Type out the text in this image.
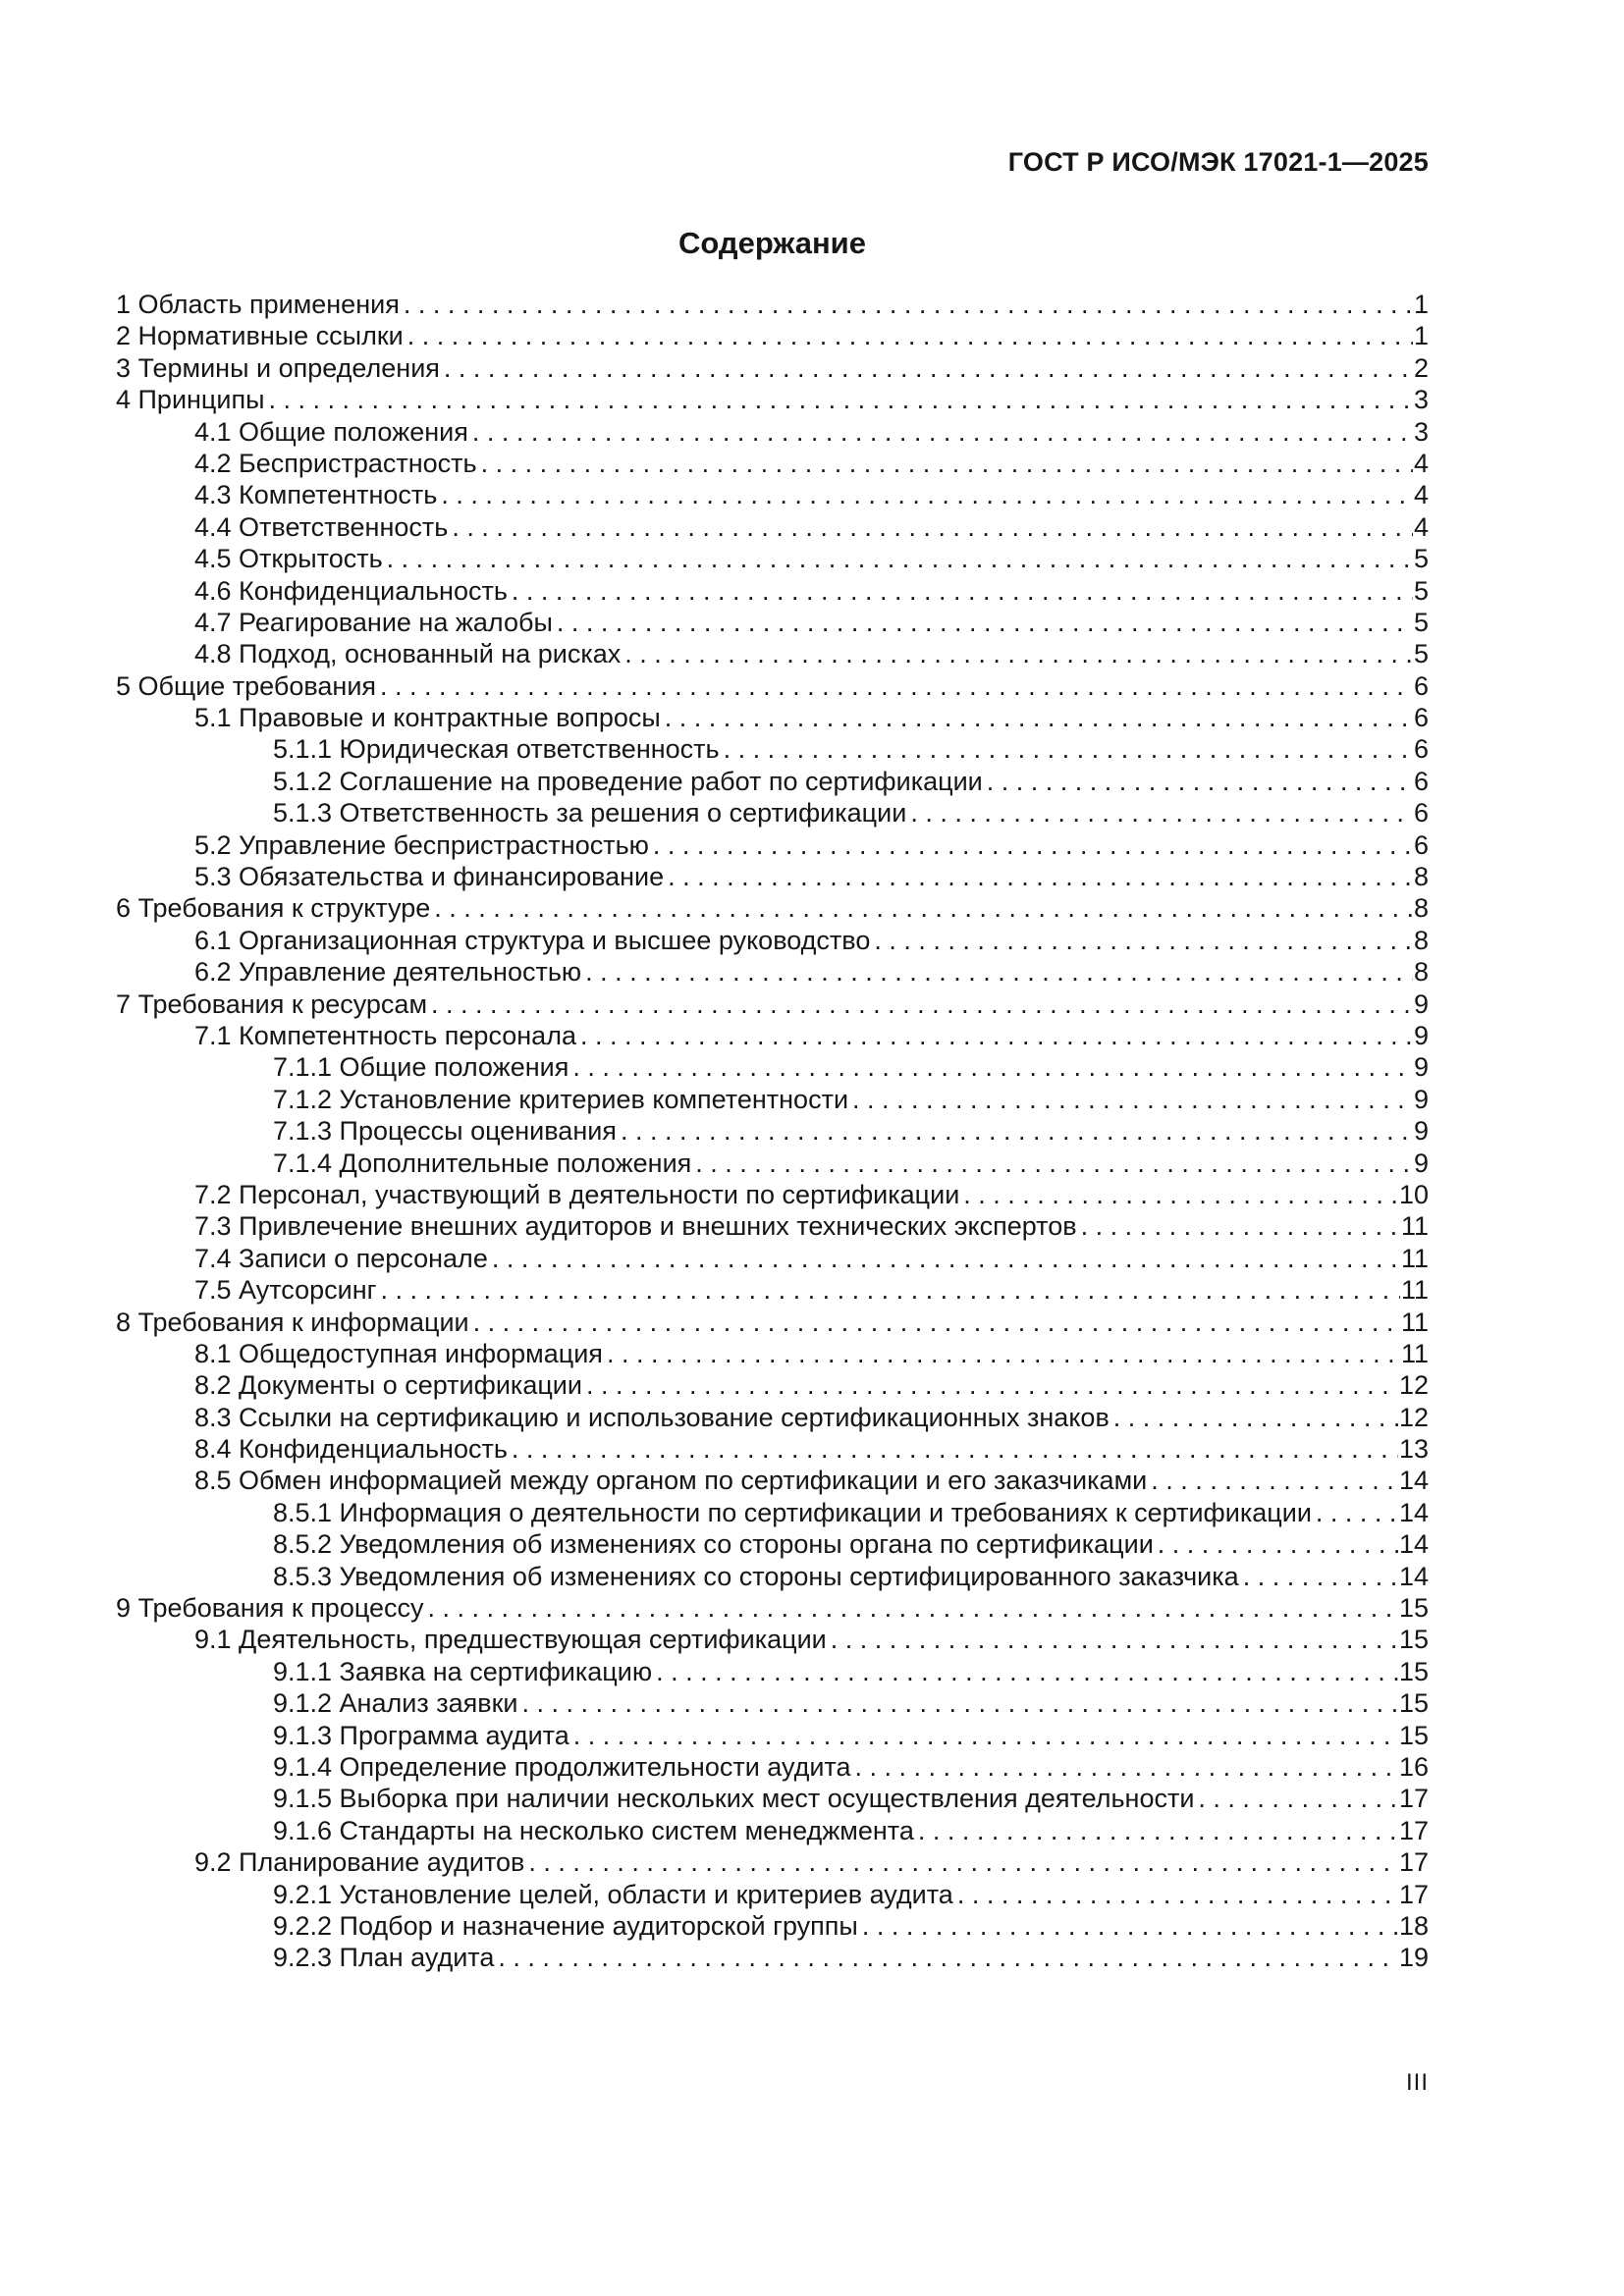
ГОСТ Р ИСО/МЭК 17021-1—2025
Содержание
1 Область применения . . .	1
2 Нормативные ссылки . . .	1
3 Термины и определения . . .	2
4 Принципы . . .	3
4.1 Общие положения . . .	3
4.2 Беспристрастность . . .	4
4.3 Компетентность . . .	4
4.4 Ответственность . . .	4
4.5 Открытость . . .	5
4.6 Конфиденциальность . . .	5
4.7 Реагирование на жалобы . . .	5
4.8 Подход, основанный на рисках . . .	5
5 Общие требования . . .	6
5.1 Правовые и контрактные вопросы . . .	6
5.1.1 Юридическая ответственность . . .	6
5.1.2 Соглашение на проведение работ по сертификации . . .	6
5.1.3 Ответственность за решения о сертификации . . .	6
5.2 Управление беспристрастностью . . .	6
5.3 Обязательства и финансирование . . .	8
6 Требования к структуре . . .	8
6.1 Организационная структура и высшее руководство . . .	8
6.2 Управление деятельностью . . .	8
7 Требования к ресурсам . . .	9
7.1 Компетентность персонала . . .	9
7.1.1 Общие положения . . .	9
7.1.2 Установление критериев компетентности . . .	9
7.1.3 Процессы оценивания . . .	9
7.1.4 Дополнительные положения . . .	9
7.2 Персонал, участвующий в деятельности по сертификации . . .	10
7.3 Привлечение внешних аудиторов и внешних технических экспертов . . .	11
7.4 Записи о персонале . . .	11
7.5 Аутсорсинг . . .	11
8 Требования к информации . . .	11
8.1 Общедоступная информация . . .	11
8.2 Документы о сертификации . . .	12
8.3 Ссылки на сертификацию и использование сертификационных знаков . . .	12
8.4 Конфиденциальность . . .	13
8.5 Обмен информацией между органом по сертификации и его заказчиками . . .	14
8.5.1 Информация о деятельности по сертификации и требованиях к сертификации . . .	14
8.5.2 Уведомления об изменениях со стороны органа по сертификации . . .	14
8.5.3 Уведомления об изменениях со стороны сертифицированного заказчика . . .	14
9 Требования к процессу . . .	15
9.1 Деятельность, предшествующая сертификации . . .	15
9.1.1 Заявка на сертификацию . . .	15
9.1.2 Анализ заявки . . .	15
9.1.3 Программа аудита . . .	15
9.1.4 Определение продолжительности аудита . . .	16
9.1.5 Выборка при наличии нескольких мест осуществления деятельности . . .	17
9.1.6 Стандарты на несколько систем менеджмента . . .	17
9.2 Планирование аудитов . . .	17
9.2.1 Установление целей, области и критериев аудита . . .	17
9.2.2 Подбор и назначение аудиторской группы . . .	18
9.2.3 План аудита . . .	19
III
